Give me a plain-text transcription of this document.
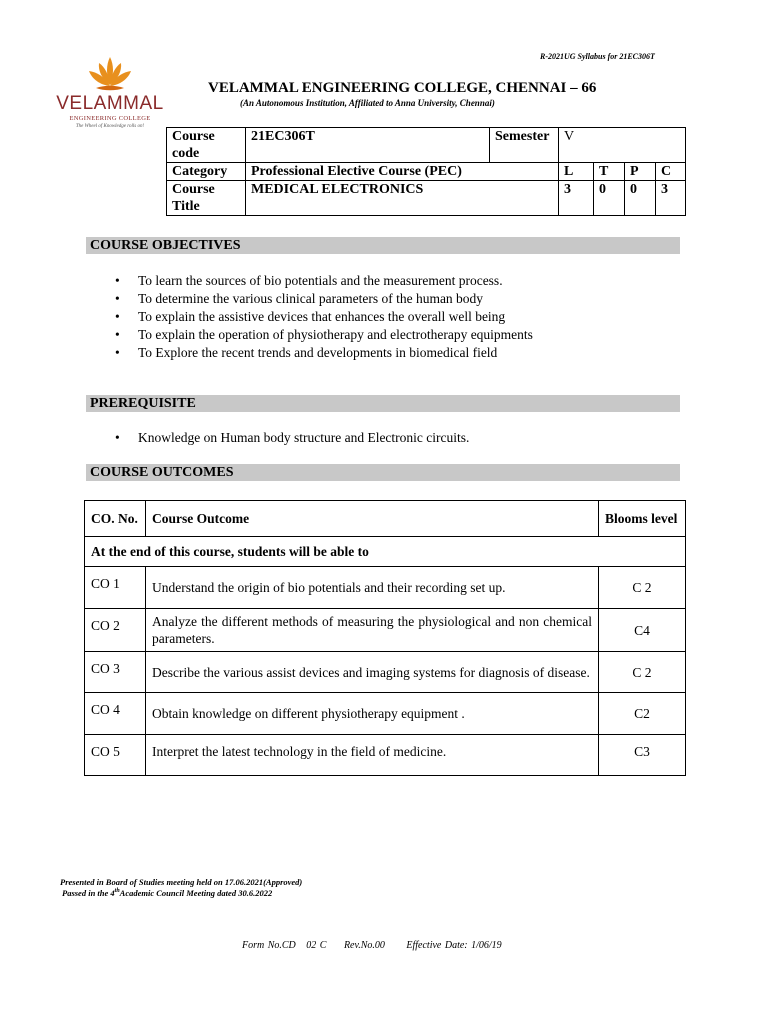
R-2021UG Syllabus for 21EC306T
VELAMMAL
ENGINEERING COLLEGE
The Wheel of Knowledge rolls on!
VELAMMAL ENGINEERING COLLEGE, CHENNAI – 66
(An Autonomous Institution, Affiliated to Anna University, Chennai)
Course code	21EC306T	Semester	V			
Category	Professional Elective Course (PEC)		L	T	P	C
Course Title	MEDICAL ELECTRONICS		3	0	0	3
COURSE OBJECTIVES
• To learn the sources of bio potentials and the measurement process.
• To determine the various clinical parameters of the human body
• To explain the assistive devices that enhances the overall well being
• To explain the operation of physiotherapy and electrotherapy equipments
• To Explore the recent trends and developments in biomedical field
PREREQUISITE
• Knowledge on Human body structure and Electronic circuits.
COURSE OUTCOMES
CO. No.	Course Outcome	Blooms level
At the end of this course, students will be able to		
CO 1	Understand the origin of bio potentials and their recording set up.	C 2
CO 2	Analyze the different methods of measuring the physiological and non chemical parameters.	C4
CO 3	Describe the various assist devices and imaging systems for diagnosis of disease.	C 2
CO 4	Obtain knowledge on different physiotherapy equipment .	C2
CO 5	Interpret the latest technology in the field of medicine.	C3
Presented in Board of Studies meeting held on 17.06.2021(Approved)
Passed in the 4thAcademic Council Meeting dated 30.6.2022
Form No.CD   02 C Rev.No.00 Effective Date: 1/06/19
